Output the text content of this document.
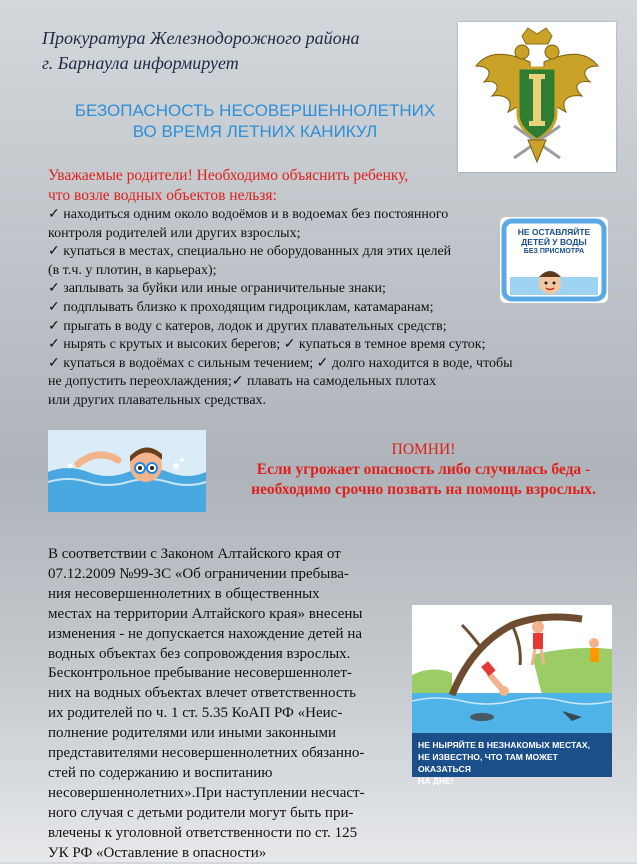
Прокуратура Железнодорожного района
г. Барнаула информирует
БЕЗОПАСНОСТЬ НЕСОВЕРШЕННОЛЕТНИХ
ВО ВРЕМЯ ЛЕТНИХ КАНИКУЛ
Уважаемые родители! Необходимо объяснить ребенку,
что возле водных объектов нельзя:
✓ находиться одним около водоёмов и в водоемах без постоянного
контроля родителей или других взрослых;
✓ купаться в местах, специально не оборудованных для этих целей
(в т.ч. у плотин, в карьерах);
✓ заплывать за буйки или иные ограничительные знаки;
✓ подплывать близко к проходящим гидроциклам, катамаранам;
✓ прыгать в воду с катеров, лодок и других плавательных средств;
✓ нырять с крутых и высоких берегов; ✓ купаться в темное время суток;
✓ купаться в водоёмах с сильным течением; ✓ долго находится в воде, чтобы
не допустить переохлаждения;✓ плавать на самодельных плотах
или других плавательных средствах.
НЕ ОСТАВЛЯЙТЕ
ДЕТЕЙ У ВОДЫ
БЕЗ ПРИСМОТРА
ПОМНИ!
Если угрожает опасность либо случилась беда -
необходимо срочно позвать на помощь взрослых.
В соответствии с Законом Алтайского края от
07.12.2009 №99-ЗС «Об ограничении пребыва-
ния несовершеннолетних в общественных
местах на территории Алтайского края» внесены
изменения - не допускается нахождение детей на
водных объектах без сопровождения взрослых.
Бесконтрольное пребывание несовершеннолет-
них на водных объектах влечет ответственность
их родителей по ч. 1 ст. 5.35 КоАП РФ «Неис-
полнение родителями или иными законными
представителями несовершеннолетних обязанно-
стей по содержанию и воспитанию
несовершеннолетних».При наступлении несчаст-
ного случая с детьми родители могут быть при-
влечены к уголовной ответственности по ст. 125
УК РФ «Оставление в опасности»
НЕ НЫРЯЙТЕ В НЕЗНАКОМЫХ МЕСТАХ,
НЕ ИЗВЕСТНО, ЧТО ТАМ МОЖЕТ ОКАЗАТЬСЯ
НА ДНЕ!
